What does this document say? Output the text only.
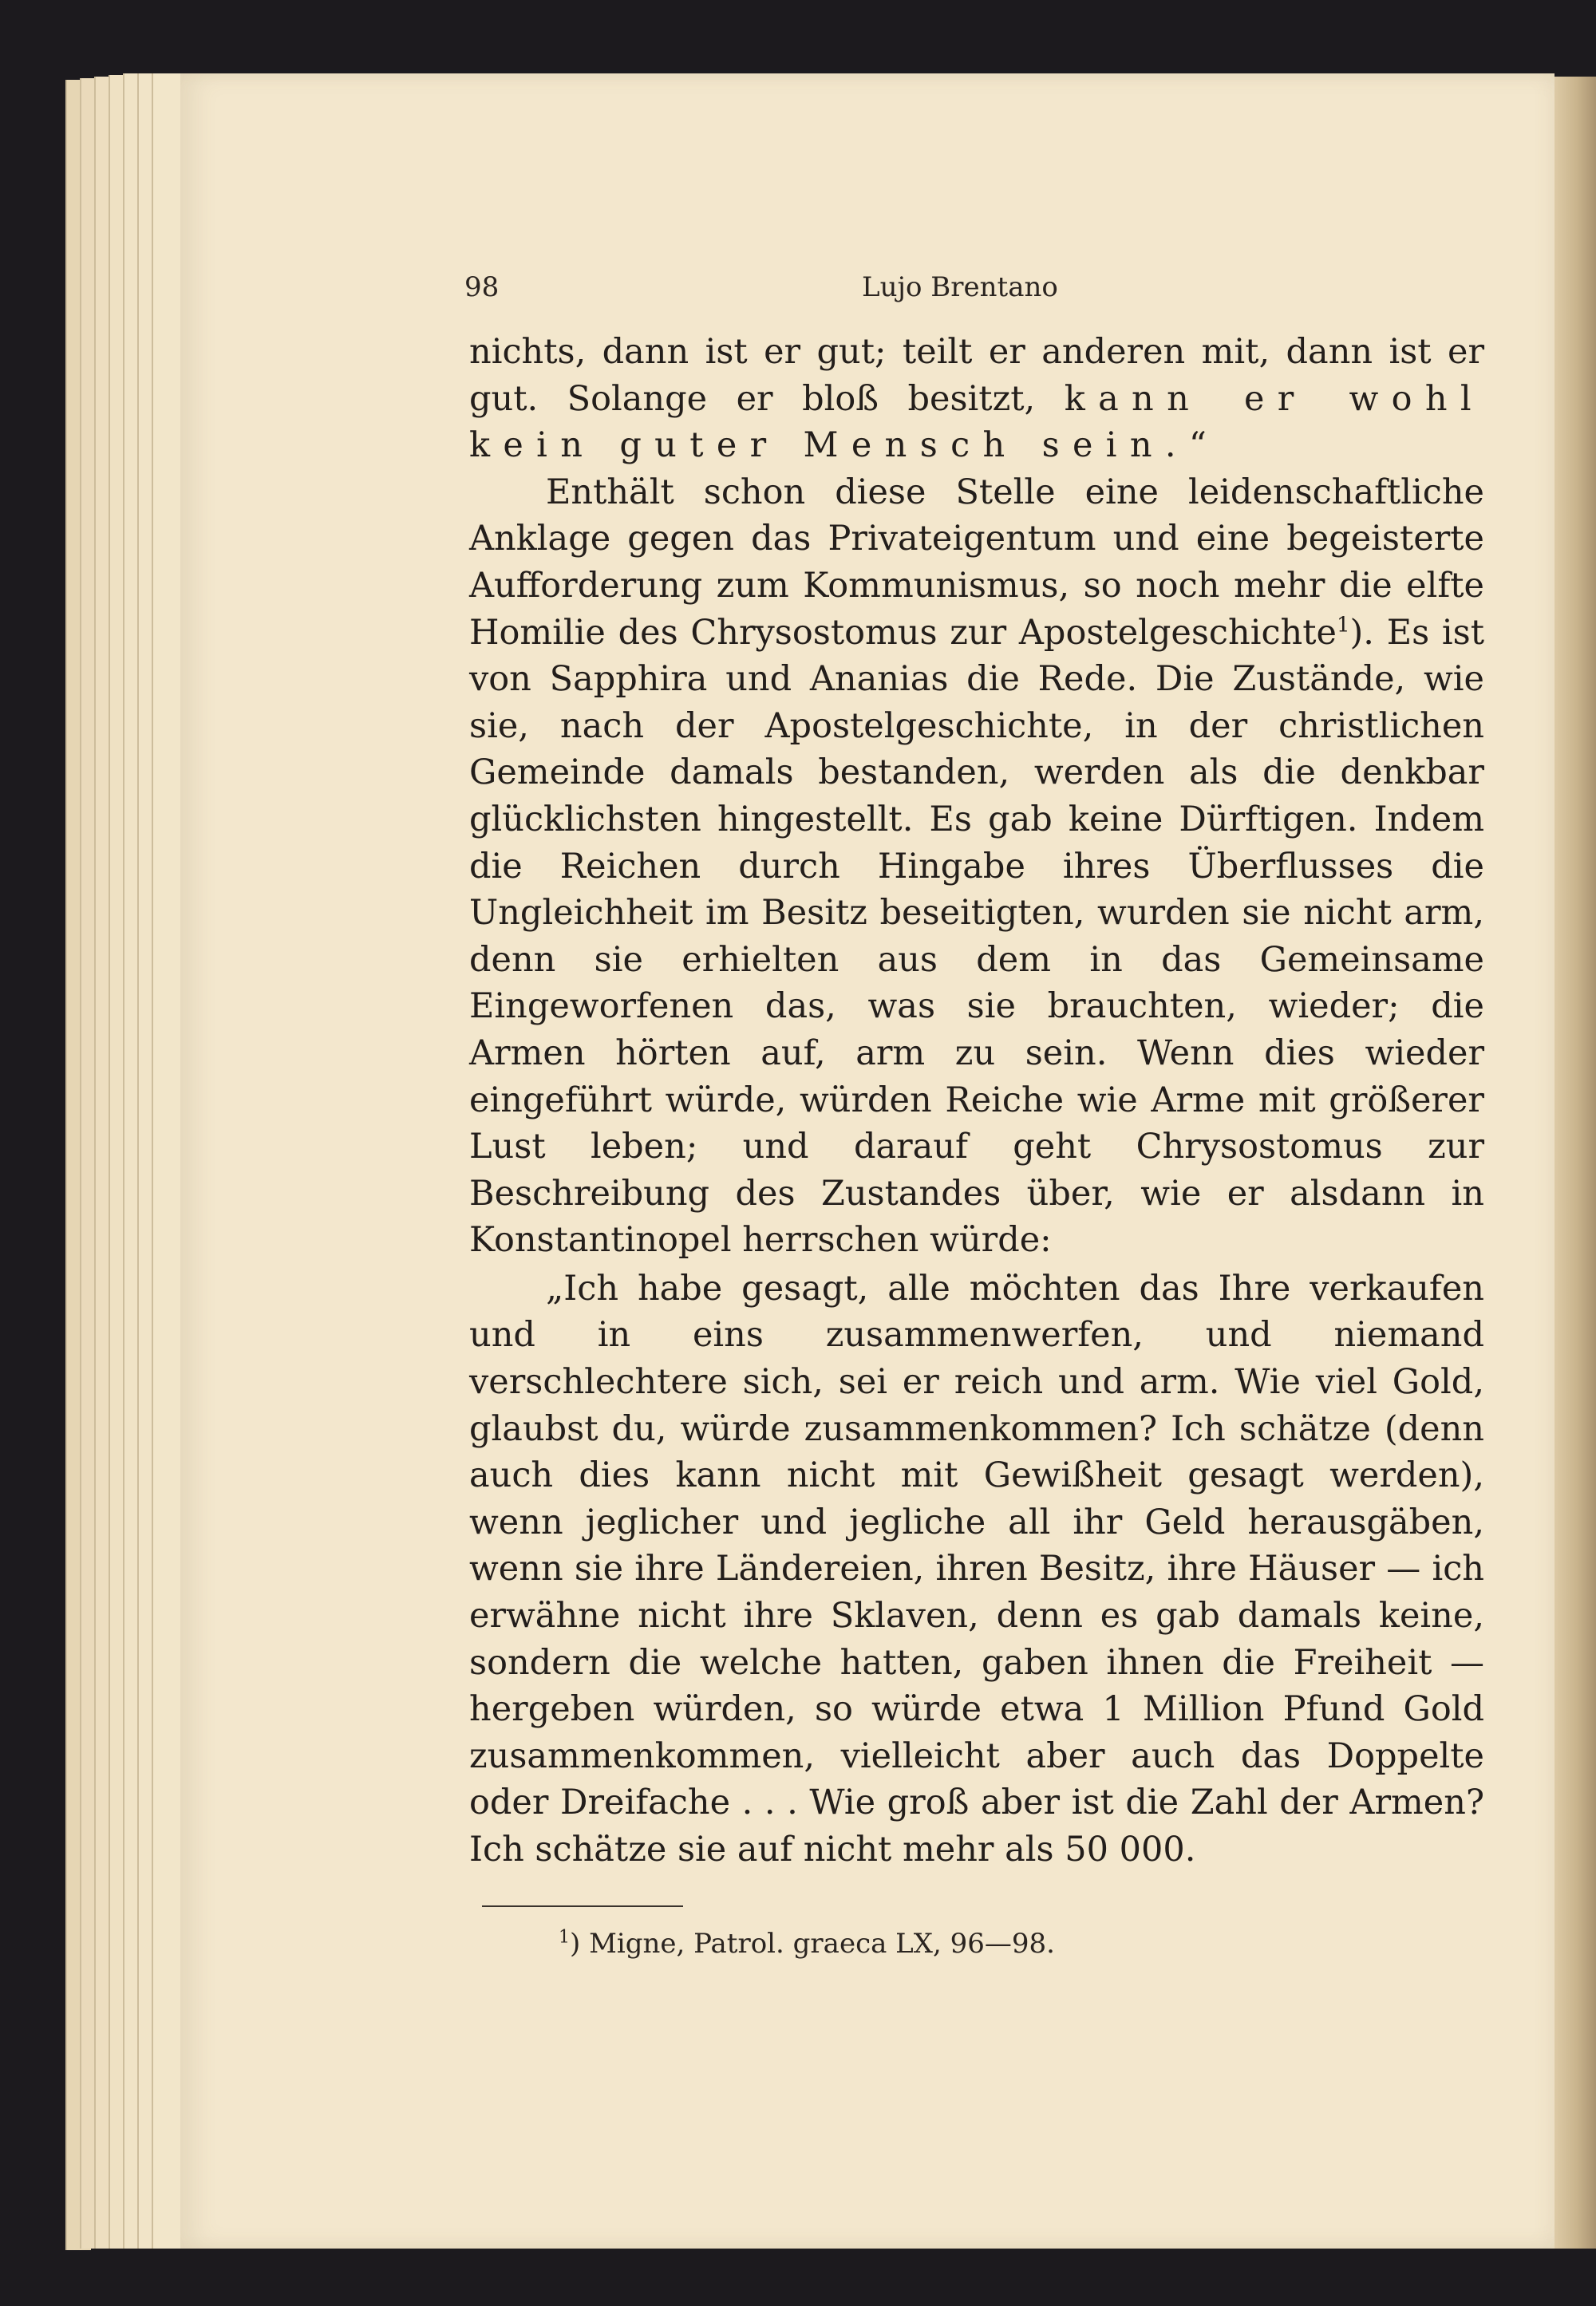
98	Lujo Brentano

nichts, dann ist er gut; teilt er anderen mit, dann ist er gut. Solange er bloß besitzt, kann er wohl kein guter Mensch sein.“

Enthält schon diese Stelle eine leidenschaftliche Anklage gegen das Privateigentum und eine begeisterte Aufforderung zum Kommunismus, so noch mehr die elfte Homilie des Chrysostomus zur Apostelgeschichte$^1$). Es ist von Sapphira und Ananias die Rede. Die Zustände, wie sie, nach der Apostelgeschichte, in der christlichen Gemeinde damals bestanden, werden als die denkbar glücklichsten hingestellt. Es gab keine Dürftigen. Indem die Reichen durch Hingabe ihres Überflusses die Ungleichheit im Besitz beseitigten, wurden sie nicht arm, denn sie erhielten aus dem in das Gemeinsame Eingeworfenen das, was sie brauchten, wieder; die Armen hörten auf, arm zu sein. Wenn dies wieder eingeführt würde, würden Reiche wie Arme mit größerer Lust leben; und darauf geht Chrysostomus zur Beschreibung des Zustandes über, wie er alsdann in Konstantinopel herrschen würde:

„Ich habe gesagt, alle möchten das Ihre verkaufen und in eins zusammenwerfen, und niemand verschlechtere sich, sei er reich und arm. Wie viel Gold, glaubst du, würde zusammenkommen? Ich schätze (denn auch dies kann nicht mit Gewißheit gesagt werden), wenn jeglicher und jegliche all ihr Geld herausgäben, wenn sie ihre Ländereien, ihren Besitz, ihre Häuser — ich erwähne nicht ihre Sklaven, denn es gab damals keine, sondern die welche hatten, gaben ihnen die Freiheit — hergeben würden, so würde etwa 1 Million Pfund Gold zusammenkommen, vielleicht aber auch das Doppelte oder Dreifache . . . Wie groß aber ist die Zahl der Armen? Ich schätze sie auf nicht mehr als 50 000.

$^1$) Migne, Patrol. graeca LX, 96—98.
